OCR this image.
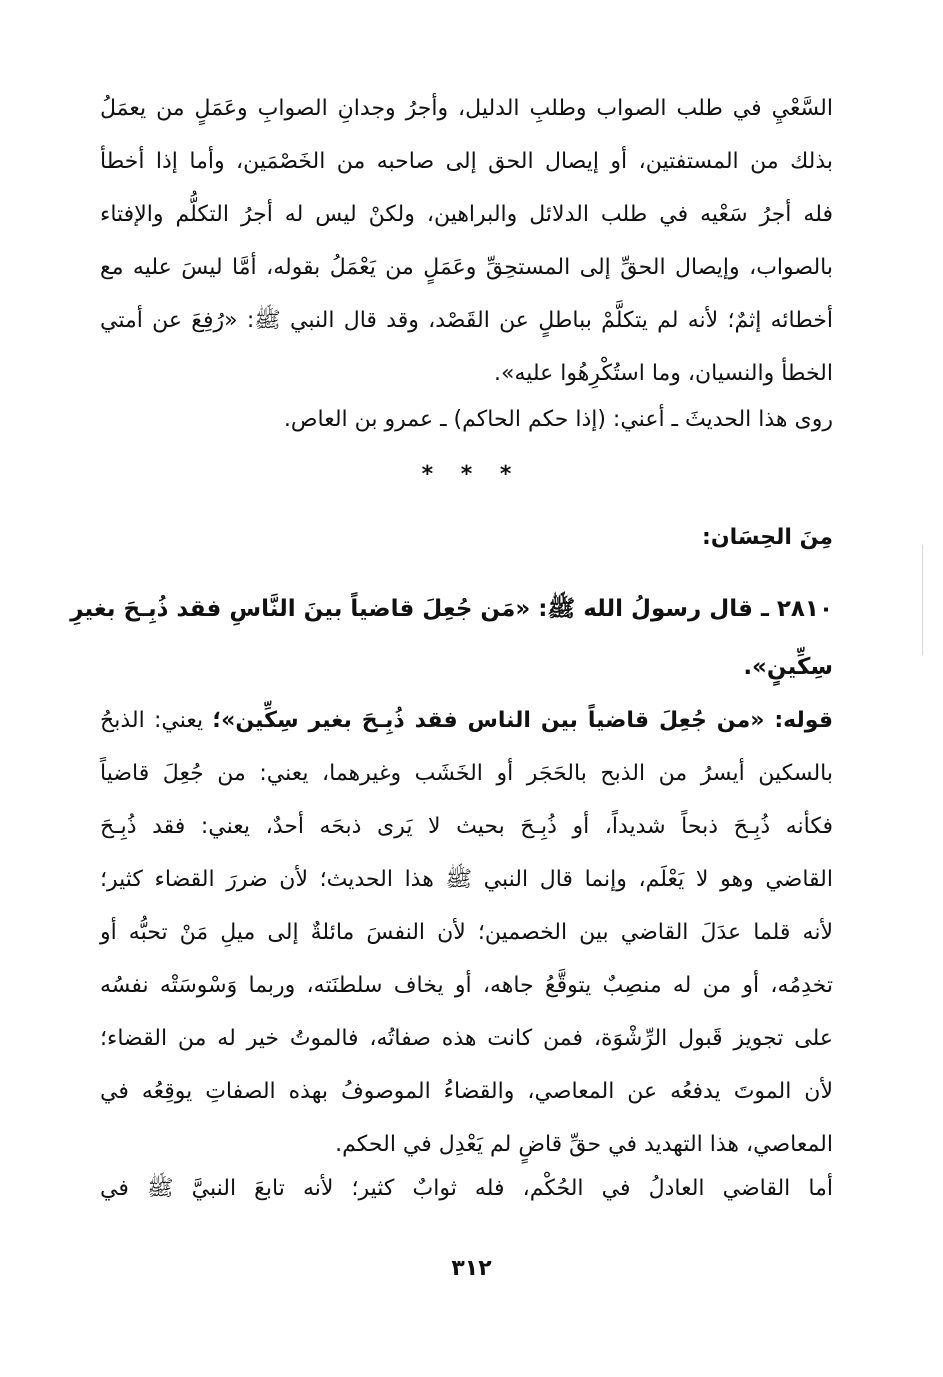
السَّعْيِ في طلب الصواب وطلبِ الدليل، وأجرُ وجدانِ الصوابِ وعَمَلٍ من يعمَلُ
بذلك من المستفتين، أو إيصال الحق إلى صاحبه من الخَصْمَين، وأما إذا أخطأ
فله أجرُ سَعْيه في طلب الدلائل والبراهين، ولكنْ ليس له أجرُ التكلُّم والإفتاء
بالصواب، وإيصال الحقِّ إلى المستحِقِّ وعَمَلٍ من يَعْمَلُ بقوله، أمَّا ليسَ عليه مع
أخطائه إثمٌ؛ لأنه لم يتكلَّمْ بباطلٍ عن القَصْد، وقد قال النبي ﷺ: «رُفِعَ عن أمتي
الخطأ والنسيان، وما استُكْرِهُوا عليه».
روى هذا الحديثَ ـ أعني: (إذا حكم الحاكم) ـ عمرو بن العاص.
* * *
مِنَ الحِسَان:
٢٨١٠ ـ قال رسولُ الله ﷺ: «مَن جُعِلَ قاضياً بينَ النَّاسِ فقد ذُبِـحَ بغيرِ
سِكِّينٍ».
قوله: «من جُعِلَ قاضياً بين الناس فقد ذُبِـحَ بغير سِكِّين»؛ يعني: الذبحُ
بالسكين أيسرُ من الذبح بالحَجَر أو الخَشَب وغيرهما، يعني: من جُعِلَ قاضياً
فكأنه ذُبِـحَ ذبحاً شديداً، أو ذُبِـحَ بحيث لا يَرى ذبحَه أحدٌ، يعني: فقد ذُبِـحَ
القاضي وهو لا يَعْلَم، وإنما قال النبي ﷺ هذا الحديث؛ لأن ضررَ القضاء كثير؛
لأنه قلما عدَلَ القاضي بين الخصمين؛ لأن النفسَ مائلةٌ إلى ميلِ مَنْ تحبُّه أو
تخدِمُه، أو من له منصِبٌ يتوقَّعُ جاهه، أو يخاف سلطنَته، وربما وَسْوسَتْه نفسُه
على تجويز قَبول الرِّشْوَة، فمن كانت هذه صفاتُه، فالموتُ خير له من القضاء؛
لأن الموتَ يدفعُه عن المعاصي، والقضاءُ الموصوفُ بهذه الصفاتِ يوقِعُه في
المعاصي، هذا التهديد في حقِّ قاضٍ لم يَعْدِل في الحكم.
أما القاضي العادلُ في الحُكْم، فله ثوابٌ كثير؛ لأنه تابعَ النبيَّ ﷺ في
٣١٢
